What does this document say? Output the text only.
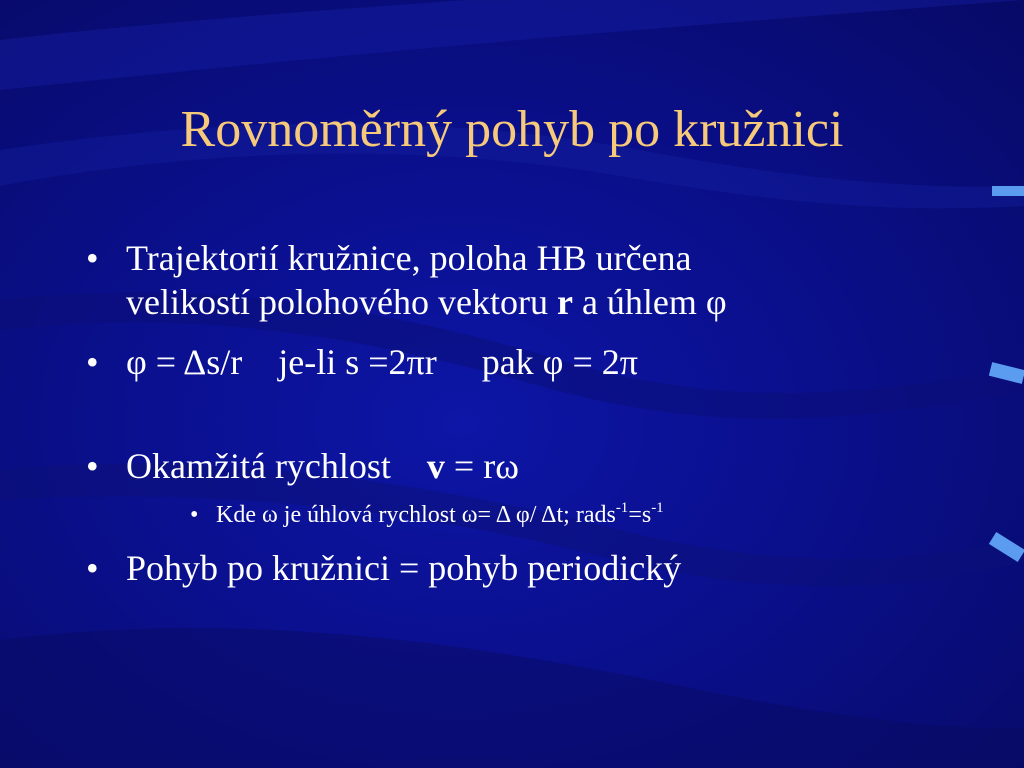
Rovnoměrný pohyb po kružnici
• Trajektorií kružnice, poloha HB určena
velikostí polohového vektoru r a úhlem φ
• φ = Δs/r je-li s =2πr pak φ = 2π
• Okamžitá rychlost v = rω
• Kde ω je úhlová rychlost ω= Δ φ/ Δt; $rads^{-1}=s^{-1}$
• Pohyb po kružnici = pohyb periodický
